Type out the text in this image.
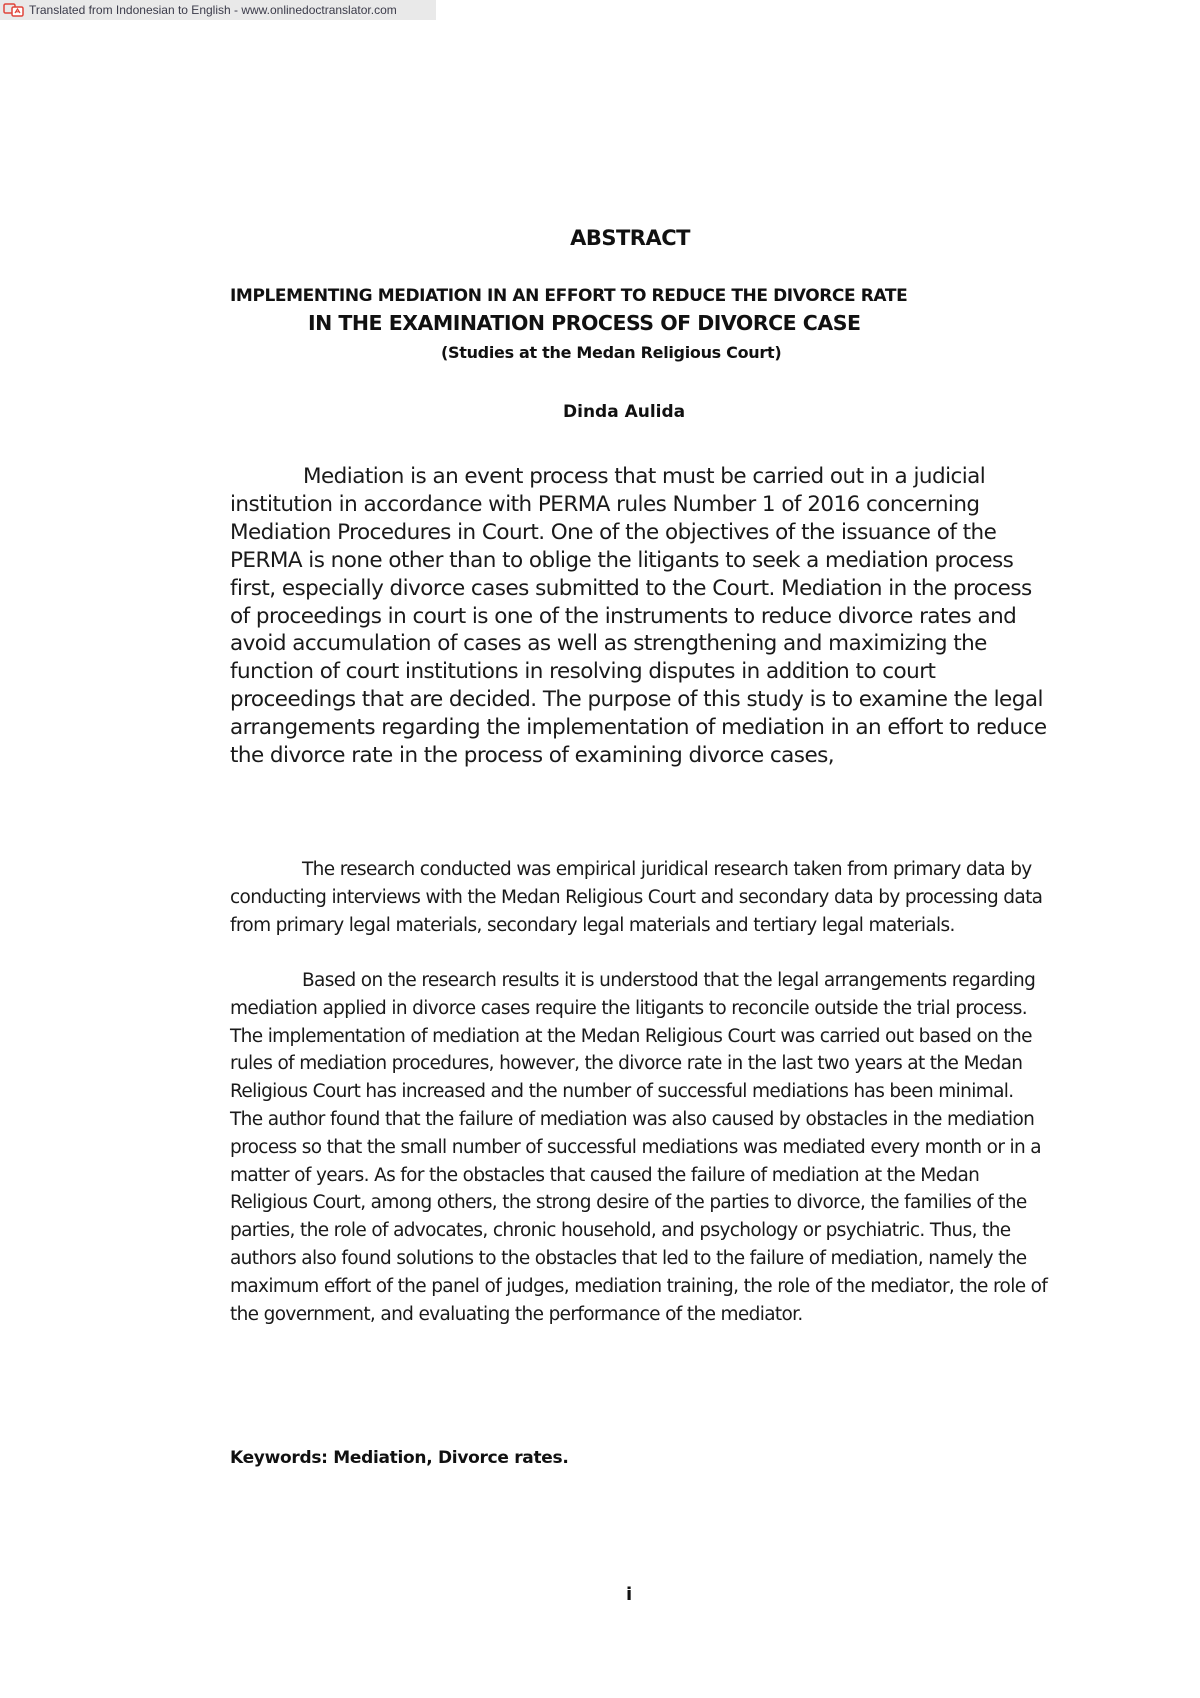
Translated from Indonesian to English - www.onlinedoctranslator.com
ABSTRACT
IMPLEMENTING MEDIATION IN AN EFFORT TO REDUCE THE DIVORCE RATE
IN THE EXAMINATION PROCESS OF DIVORCE CASE

(Studies at the Medan Religious Court)

Dinda Aulida

Mediation is an event process that must be carried out in a judicial institution in accordance with PERMA rules Number 1 of 2016 concerning Mediation Procedures in Court. One of the objectives of the issuance of the PERMA is none other than to oblige the litigants to seek a mediation process first, especially divorce cases submitted to the Court. Mediation in the process of proceedings in court is one of the instruments to reduce divorce rates and avoid accumulation of cases as well as strengthening and maximizing the function of court institutions in resolving disputes in addition to court proceedings that are decided. The purpose of this study is to examine the legal arrangements regarding the implementation of mediation in an effort to reduce the divorce rate in the process of examining divorce cases,

The research conducted was empirical juridical research taken from primary data by conducting interviews with the Medan Religious Court and secondary data by processing data from primary legal materials, secondary legal materials and tertiary legal materials.

Based on the research results it is understood that the legal arrangements regarding mediation applied in divorce cases require the litigants to reconcile outside the trial process. The implementation of mediation at the Medan Religious Court was carried out based on the rules of mediation procedures, however, the divorce rate in the last two years at the Medan Religious Court has increased and the number of successful mediations has been minimal. The author found that the failure of mediation was also caused by obstacles in the mediation process so that the small number of successful mediations was mediated every month or in a matter of years. As for the obstacles that caused the failure of mediation at the Medan Religious Court, among others, the strong desire of the parties to divorce, the families of the parties, the role of advocates, chronic household, and psychology or psychiatric. Thus, the authors also found solutions to the obstacles that led to the failure of mediation, namely the maximum effort of the panel of judges, mediation training, the role of the mediator, the role of the government, and evaluating the performance of the mediator.

Keywords: Mediation, Divorce rates.

i
